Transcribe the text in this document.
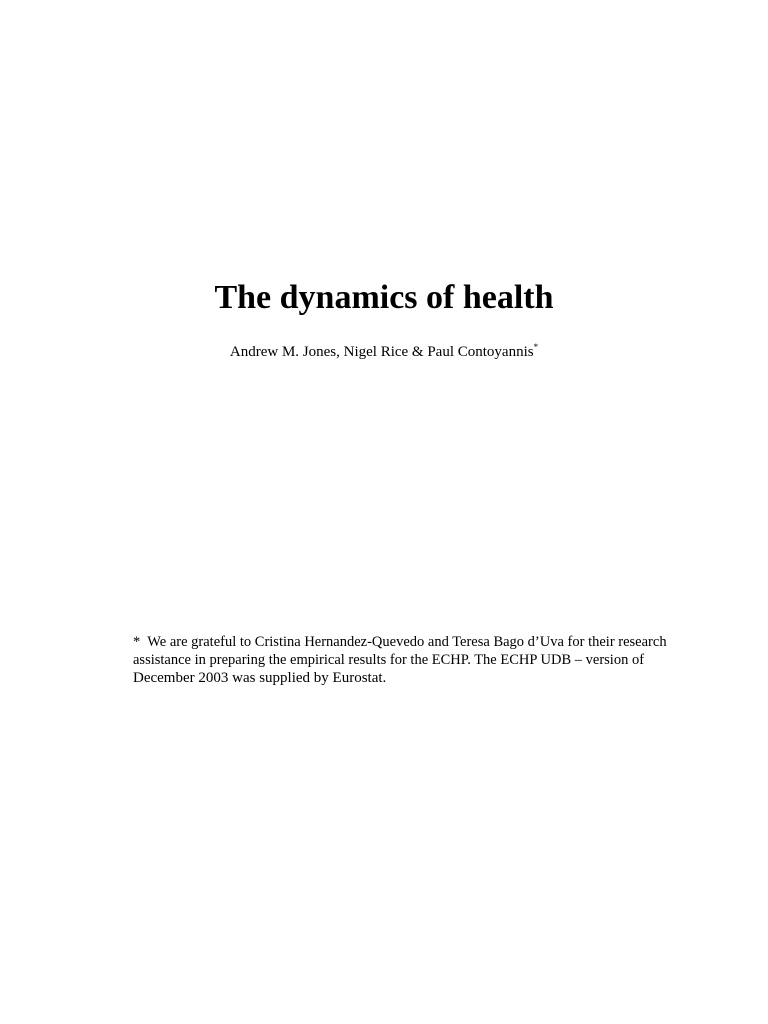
The dynamics of health

Andrew M. Jones, Nigel Rice & Paul Contoyannis*

* We are grateful to Cristina Hernandez-Quevedo and Teresa Bago d’Uva for their research
assistance in preparing the empirical results for the ECHP. The ECHP UDB – version of
December 2003 was supplied by Eurostat.
